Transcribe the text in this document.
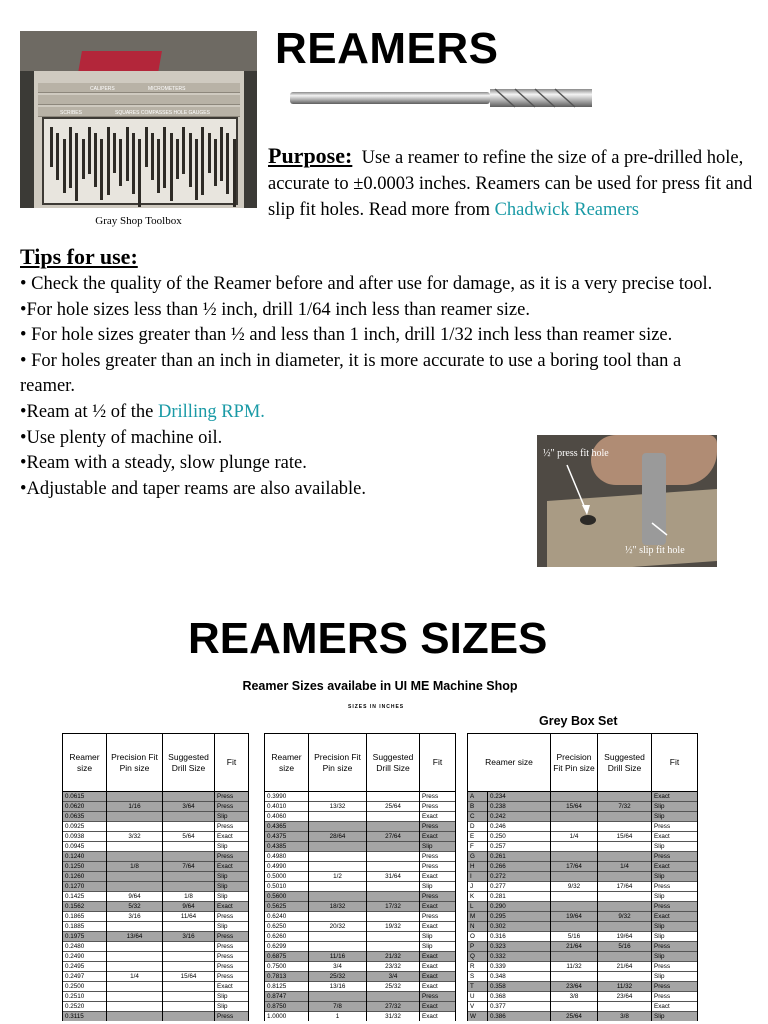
CALIPERS	MICROMETERS
SCRIBES	SQUARES COMPASSES HOLE GAUGES
Gray Shop Toolbox
REAMERS
Purpose: Use a reamer to refine the size of a pre-drilled hole, accurate to ±0.0003 inches. Reamers can be used for press fit and slip fit holes. Read more from Chadwick Reamers
Tips for use:
• Check the quality of the Reamer before and after use for damage, as it is a very precise tool.
•For hole sizes less than ½ inch, drill 1/64 inch less than reamer size.
• For hole sizes greater than ½ and less than 1 inch, drill 1/32 inch less than reamer size.
• For holes greater than an inch in diameter, it is more accurate to use a boring tool than a reamer.
•Ream at ½ of the Drilling RPM.
•Use plenty of machine oil.
•Ream with a steady, slow plunge rate.
•Adjustable and taper reams are also available.
½" press fit hole
½" slip fit hole
REAMERS SIZES
Reamer Sizes availabe in UI ME Machine Shop
SIZES IN INCHES
Grey Box Set
Reamer size	Precision Fit Pin size	Suggested Drill Size	Fit
0.0615			Press
0.0620	1/16	3/64	Press
0.0635			Slip
0.0925			Press
0.0938	3/32	5/64	Exact
0.0945			Slip
0.1240			Press
0.1250	1/8	7/64	Exact
0.1260			Slip
0.1270			Slip
0.1425	9/64	1/8	Slip
0.1562	5/32	9/64	Exact
0.1865	3/16	11/64	Press
0.1885			Slip
0.1975	13/64	3/16	Press
0.2480			Press
0.2490			Press
0.2495			Press
0.2497	1/4	15/64	Press
0.2500			Exact
0.2510			Slip
0.2520			Slip
0.3115			Press
Reamer size	Precision Fit Pin size	Suggested Drill Size	Fit
0.3990			Press
0.4010	13/32	25/64	Press
0.4060			Exact
0.4365			Press
0.4375	28/64	27/64	Exact
0.4385			Slip
0.4980			Press
0.4990			Press
0.5000	1/2	31/64	Exact
0.5010			Slip
0.5600			Press
0.5625	18/32	17/32	Exact
0.6240			Press
0.6250	20/32	19/32	Exact
0.6260			Slip
0.6299			Slip
0.6875	11/16	21/32	Exact
0.7500	3/4	23/32	Exact
0.7813	25/32	3/4	Exact
0.8125	13/16	25/32	Exact
0.8747			Press
0.8750	7/8	27/32	Exact
1.0000	1	31/32	Exact
Reamer size		Precision Fit Pin size	Suggested Drill Size	Fit
A	0.234			Exact
B	0.238	15/64	7/32	Slip
C	0.242			Slip
D	0.246			Press
E	0.250	1/4	15/64	Exact
F	0.257			Slip
G	0.261			Press
H	0.266	17/64	1/4	Exact
I	0.272			Slip
J	0.277	9/32	17/64	Press
K	0.281			Slip
L	0.290			Press
M	0.295	19/64	9/32	Exact
N	0.302			Slip
O	0.316	5/16	19/64	Slip
P	0.323	21/64	5/16	Press
Q	0.332			Slip
R	0.339	11/32	21/64	Press
S	0.348			Slip
T	0.358	23/64	11/32	Press
U	0.368	3/8	23/64	Press
V	0.377			Exact
W	0.386	25/64	3/8	Slip
